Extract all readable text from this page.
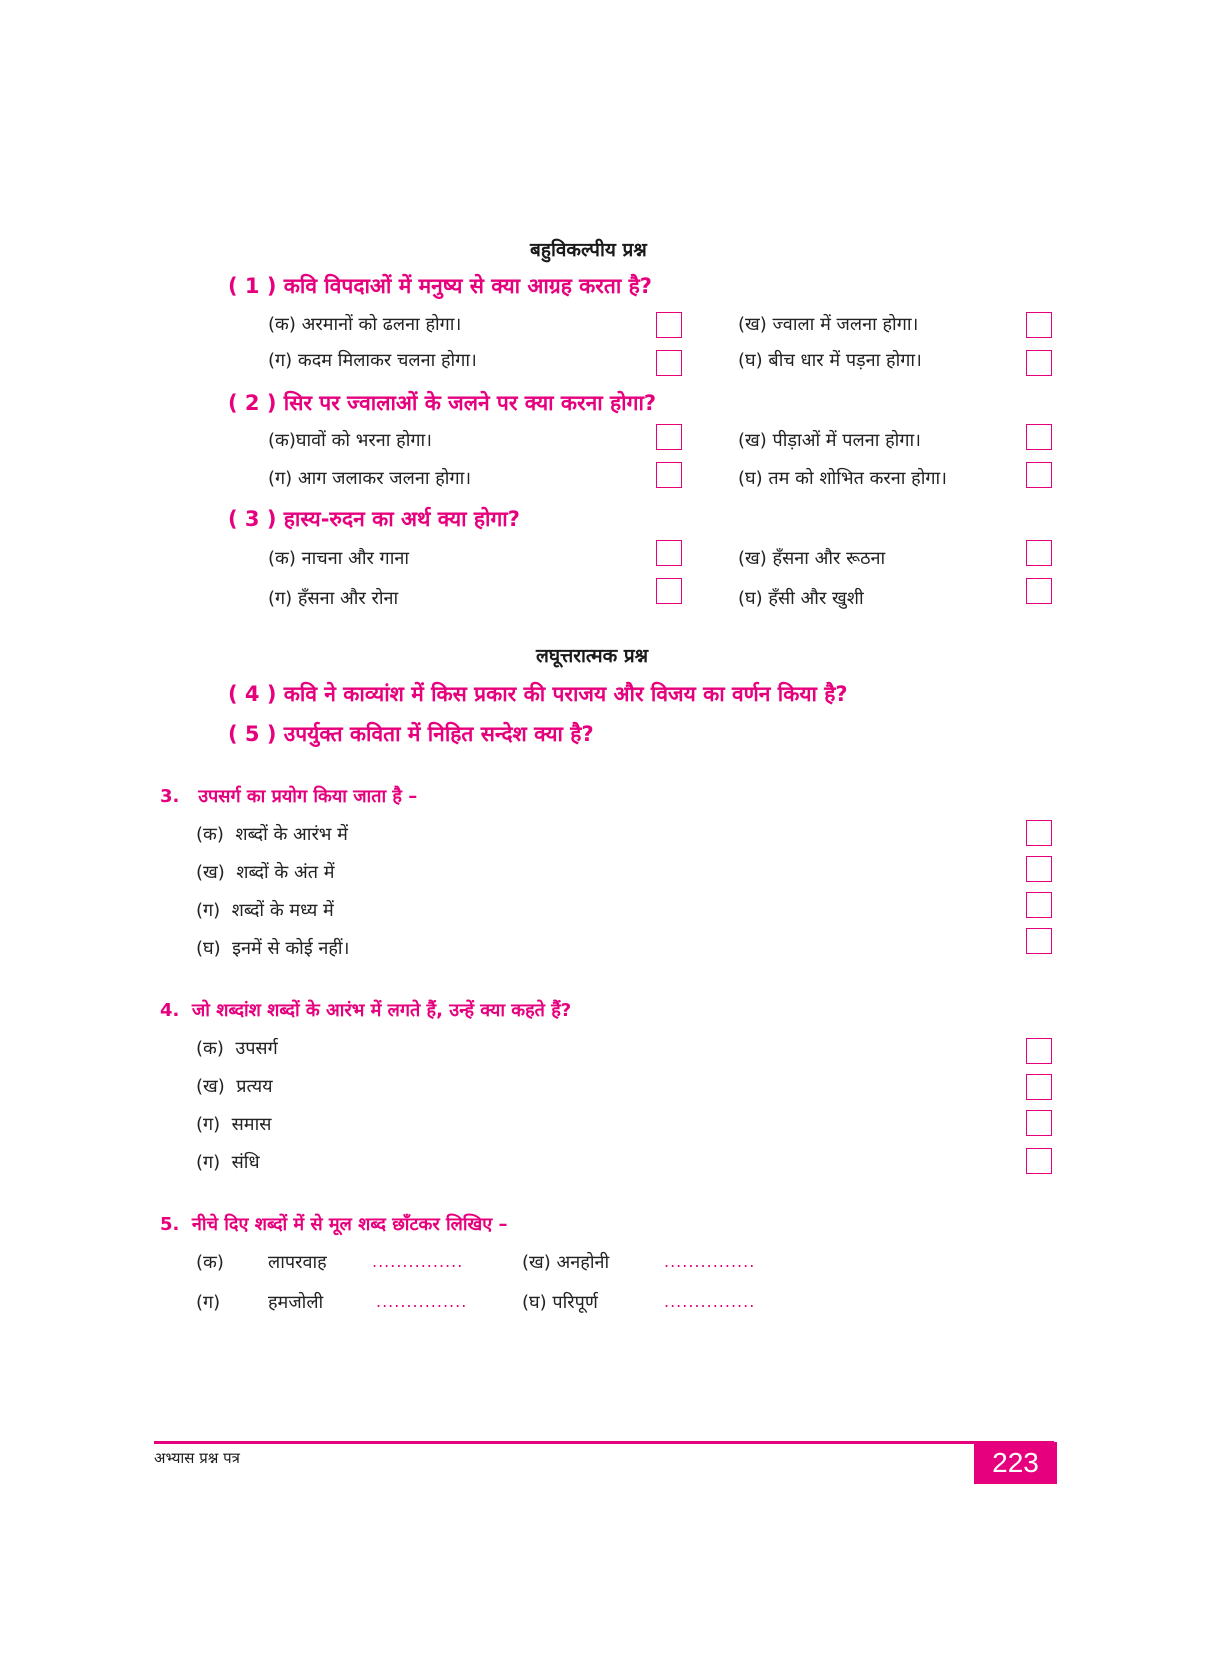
बहुविकल्पीय प्रश्न
( 1 ) कवि विपदाओं में मनुष्य से क्या आग्रह करता है?
(क) अरमानों को ढलना होगा।	(ख) ज्वाला में जलना होगा।
(ग) कदम मिलाकर चलना होगा।	(घ) बीच धार में पड़ना होगा।
( 2 ) सिर पर ज्वालाओं के जलने पर क्या करना होगा?
(क)घावों को भरना होगा।	(ख) पीड़ाओं में पलना होगा।
(ग) आग जलाकर जलना होगा।	(घ) तम को शोभित करना होगा।
( 3 ) हास्य-रुदन का अर्थ क्या होगा?
(क) नाचना और गाना	(ख) हँसना और रूठना
(ग) हँसना और रोना	(घ) हँसी और खुशी
लघूत्तरात्मक प्रश्न
( 4 ) कवि ने काव्यांश में किस प्रकार की पराजय और विजय का वर्णन किया है?
( 5 ) उपर्युक्त कविता में निहित सन्देश क्या है?
3. उपसर्ग का प्रयोग किया जाता है –
(क) शब्दों के आरंभ में
(ख) शब्दों के अंत में
(ग) शब्दों के मध्य में
(घ) इनमें से कोई नहीं।
4. जो शब्दांश शब्दों के आरंभ में लगते हैं, उन्हें क्या कहते हैं?
(क) उपसर्ग
(ख) प्रत्यय
(ग) समास
(ग) संधि
5. नीचे दिए शब्दों में से मूल शब्द छाँटकर लिखिए –
(क) लापरवाह	...............	(ख) अनहोनी	...............
(ग)	हमजोली	...............	(घ) परिपूर्ण	...............
अभ्यास प्रश्न पत्र	223
